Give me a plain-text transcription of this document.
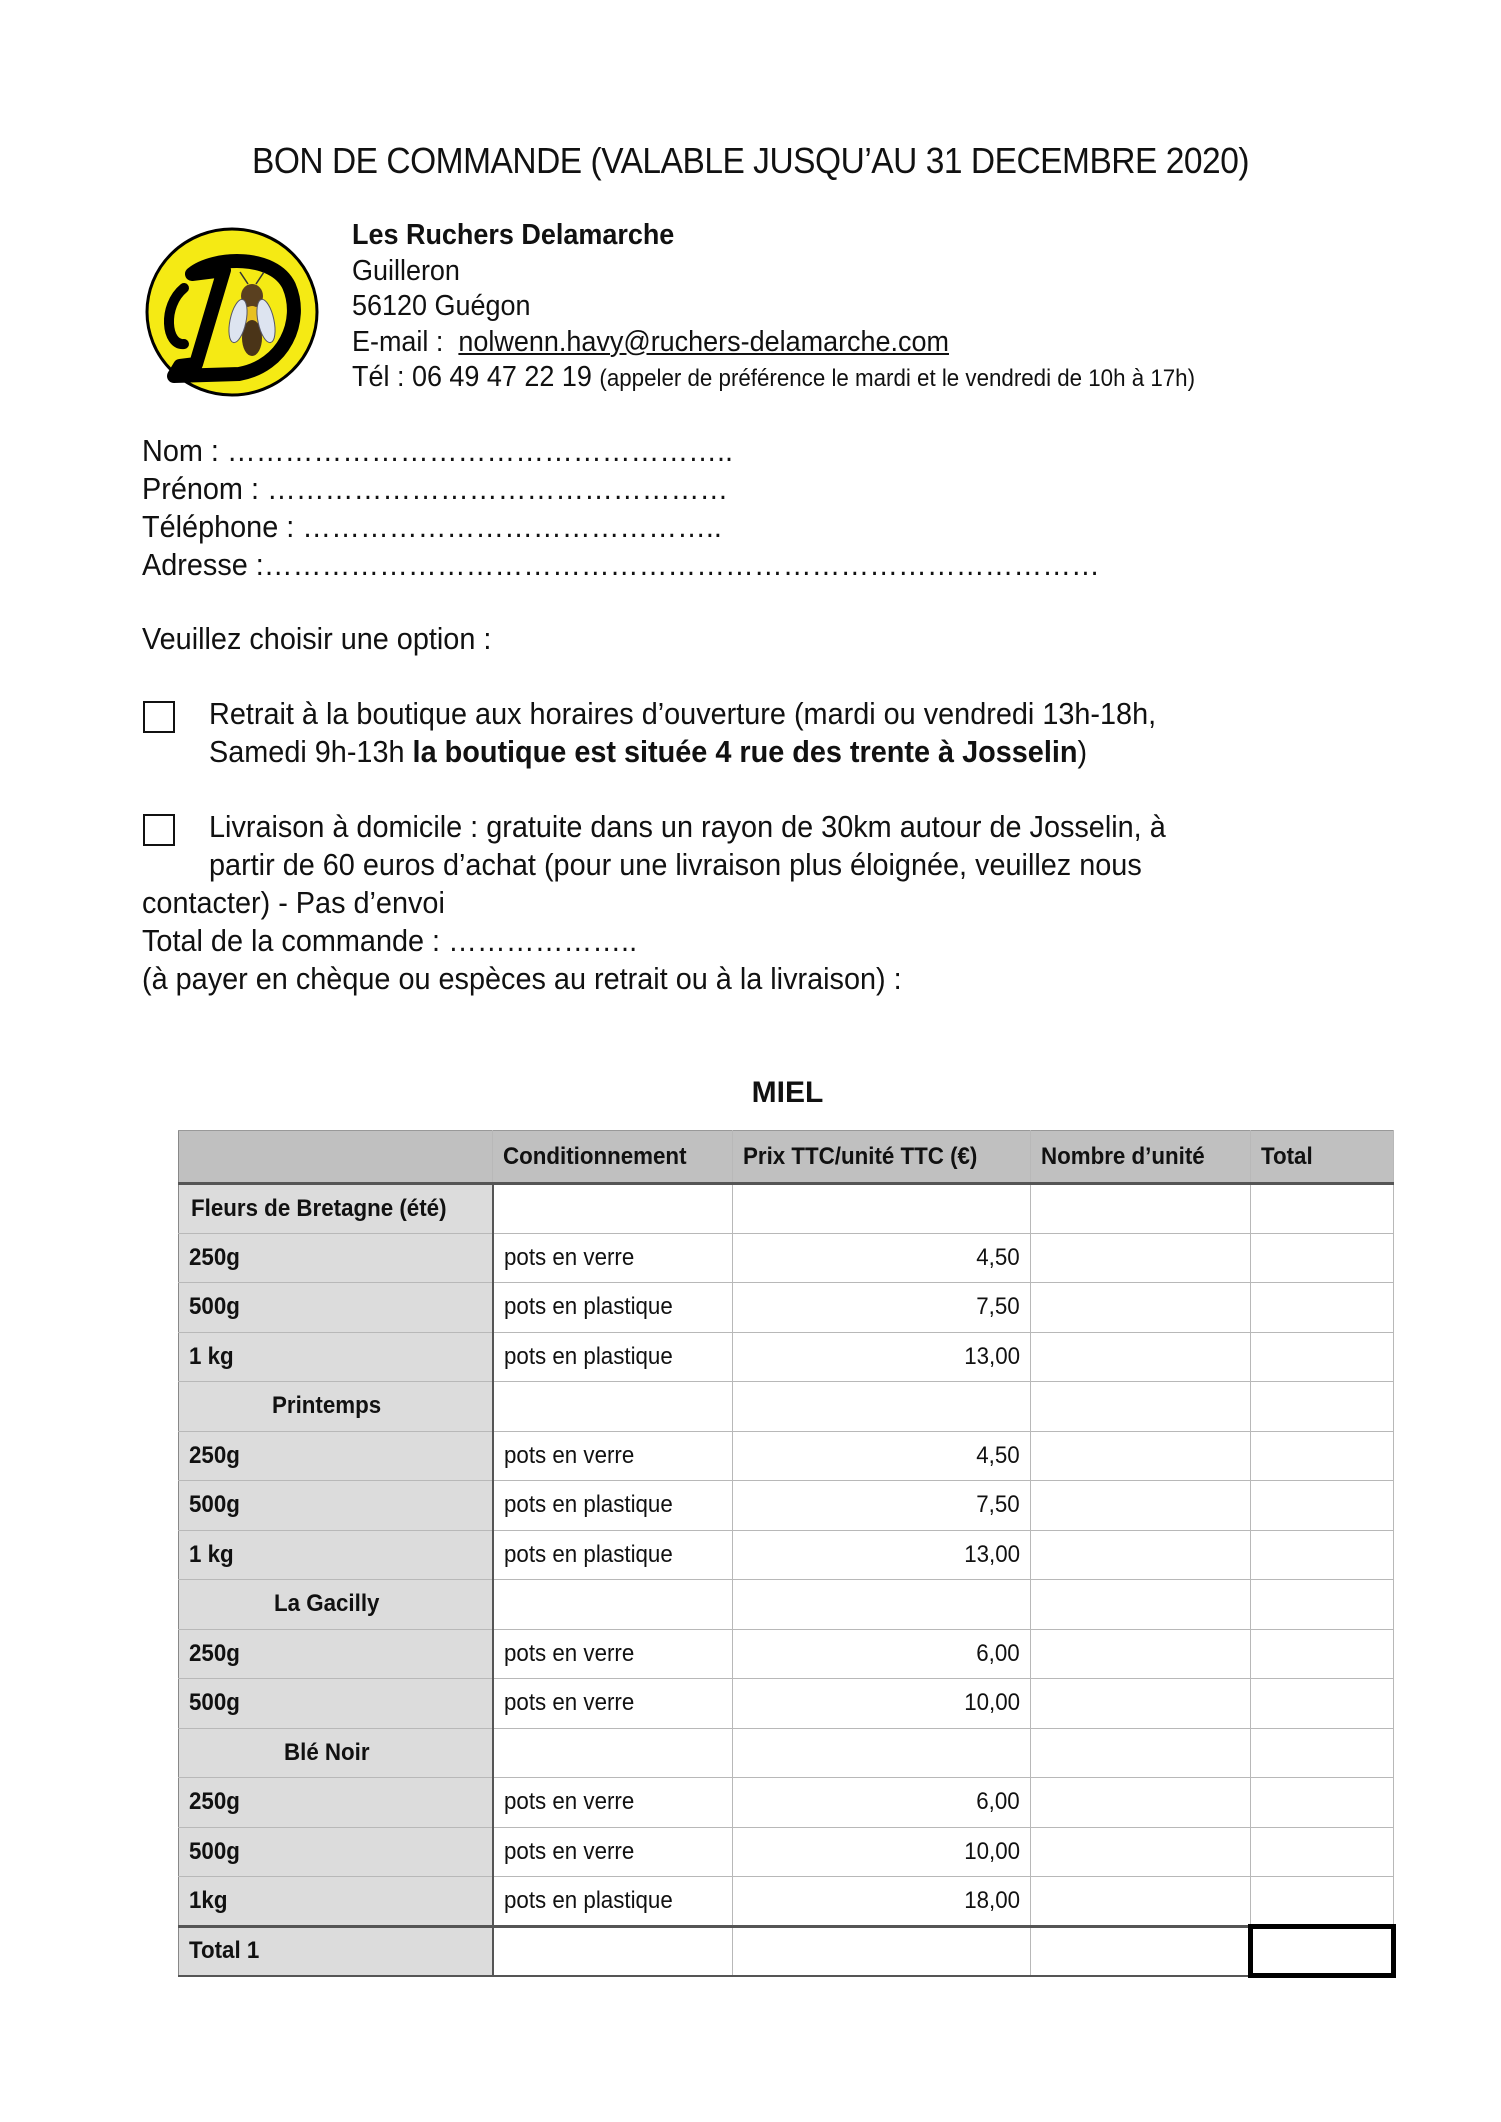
BON DE COMMANDE (VALABLE JUSQU’AU 31 DECEMBRE 2020)
Les Ruchers Delamarche
Guilleron
56120 Guégon
E-mail :  nolwenn.havy@ruchers-delamarche.com
Tél : 06 49 47 22 19 (appeler de préférence le mardi et le vendredi de 10h à 17h)
Nom : ……………………………………………..
Prénom : …………………………………………
Téléphone : ……………………………………..
Adresse :……………………………………………………………………………
Veuillez choisir une option :
Retrait à la boutique aux horaires d’ouverture (mardi ou vendredi 13h-18h,
Samedi 9h-13h la boutique est située 4 rue des trente à Josselin)
Livraison à domicile : gratuite dans un rayon de 30km autour de Josselin, à
partir de 60 euros d’achat (pour une livraison plus éloignée, veuillez nous
contacter) - Pas d’envoi
Total de la commande : ………………..
(à payer en chèque ou espèces au retrait ou à la livraison) :
MIEL
	Conditionnement	Prix TTC/unité TTC (€)	Nombre d’unité	Total
Fleurs de Bretagne (été)				
250g	pots en verre	4,50		
500g	pots en plastique	7,50		
1 kg	pots en plastique	13,00		
Printemps				
250g	pots en verre	4,50		
500g	pots en plastique	7,50		
1 kg	pots en plastique	13,00		
La Gacilly				
250g	pots en verre	6,00		
500g	pots en verre	10,00		
Blé Noir				
250g	pots en verre	6,00		
500g	pots en verre	10,00		
1kg	pots en plastique	18,00		
Total 1				
